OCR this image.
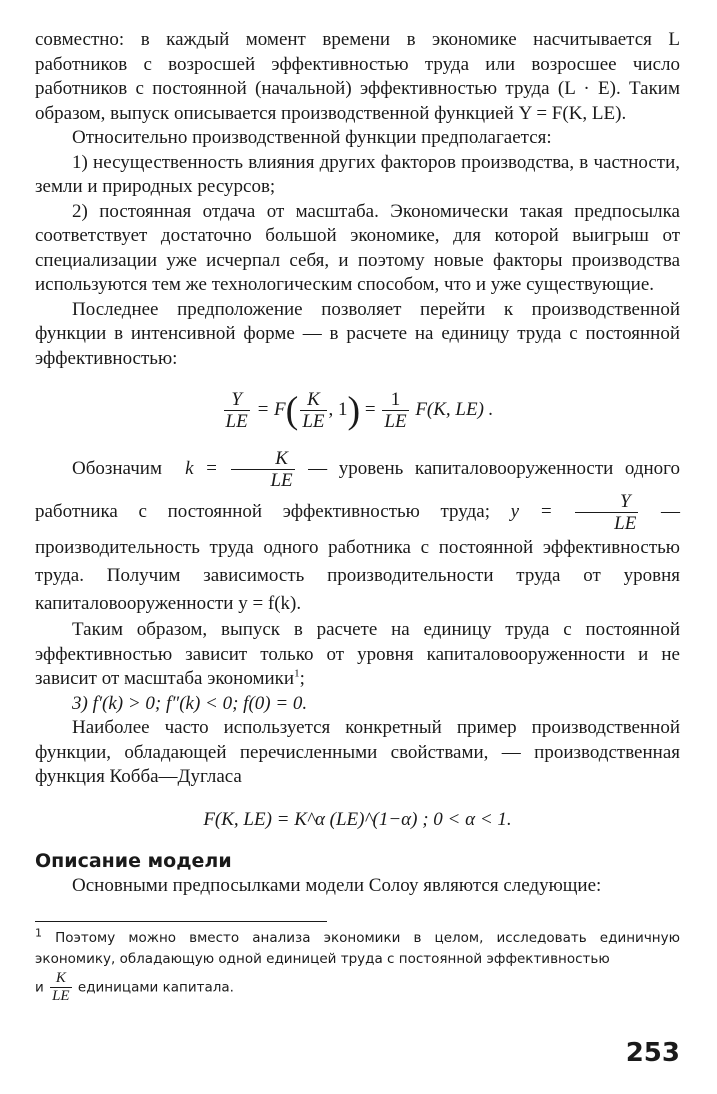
совместно: в каждый момент времени в экономике насчитывается L работников с возросшей эффективностью труда или возросшее число работников с постоянной (начальной) эффективностью труда (L · E). Таким образом, выпуск описывается производственной функцией Y = F(K, LE).

Относительно производственной функции предполагается:

1) несущественность влияния других факторов производства, в частности, земли и природных ресурсов;

2) постоянная отдача от масштаба. Экономически такая предпосылка соответствует достаточно большой экономике, для которой выигрыш от специализации уже исчерпал себя, и поэтому новые факторы производства используются тем же технологическим способом, что и уже существующие.

Последнее предположение позволяет перейти к производственной функции в интенсивной форме — в расчете на единицу труда с постоянной эффективностью:

$\frac{Y}{LE} = F( \frac{K}{LE}$ , $1) = \frac{1}{LE} F(K$, LE) .

Обозначим $k = \frac{K}{LE}$ — уровень капиталовооруженности одного работника с постоянной эффективностью труда; $y = \frac{Y}{LE}$ — производительность труда одного работника с постоянной эффективностью труда. Получим зависимость производительности труда от уровня капиталовооруженности y = f(k).

Таким образом, выпуск в расчете на единицу труда с постоянной эффективностью зависит только от уровня капиталовооруженности и не зависит от масштаба экономики$^1$;

3) f′(k) > 0; f″(k) < 0; f(0) = 0.

Наиболее часто используется конкретный пример производственной функции, обладающей перечисленными свойствами, — производственная функция Кобба—Дугласа

F(K, LE) = K^α (LE)^(1−α) ; 0 < α < 1.
Описание модели

Основными предпосылками модели Солоу являются следующие:

$^1$ Поэтому можно вместо анализа экономики в целом, исследовать единичную экономику, обладающую одной единицей труда с постоянной эффективностью
и $\frac{K}{LE}$ единицами капитала.
253
